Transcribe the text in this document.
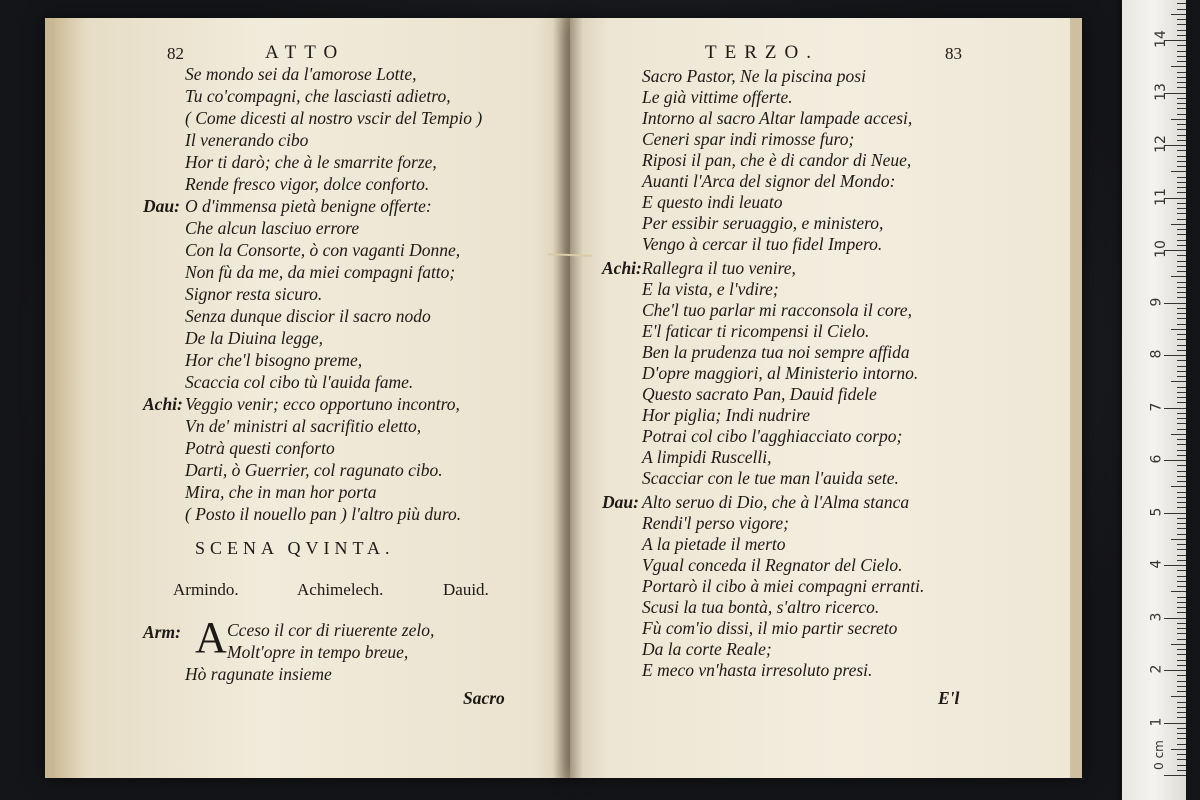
82	ATTO
Se mondo sei da l'amorose Lotte,
Tu co'compagni, che lasciasti adietro,
( Come dicesti al nostro vscir del Tempio )
Il venerando cibo
Hor ti darò; che à le smarrite forze,
Rende fresco vigor, dolce conforto.
Dau: O d'immensa pietà benigne offerte:
Che alcun lasciuo errore
Con la Consorte, ò con vaganti Donne,
Non fù da me, da miei compagni fatto;
Signor resta sicuro.
Senza dunque discior il sacro nodo
De la Diuina legge,
Hor che'l bisogno preme,
Scaccia col cibo tù l'auida fame.
Achi: Veggio venir; ecco opportuno incontro,
Vn de' ministri al sacrifitio eletto,
Potrà questi conforto
Darti, ò Guerrier, col ragunato cibo.
Mira, che in man hor porta
( Posto il nouello pan ) l'altro più duro.
SCENA QVINTA.
Armindo.	Achimelech.	Dauid.
Arm: A Cceso il cor di riuerente zelo,
Molt'opre in tempo breue,
Hò ragunate insieme
Sacro
TERZO.	83
Sacro Pastor, Ne la piscina posi
Le già vittime offerte.
Intorno al sacro Altar lampade accesi,
Ceneri spar indi rimosse furo;
Riposi il pan, che è di candor di Neue,
Auanti l'Arca del signor del Mondo:
E questo indi leuato
Per essibir seruaggio, e ministero,
Vengo à cercar il tuo fidel Impero.
Achi: Rallegra il tuo venire,
E la vista, e l'vdire;
Che'l tuo parlar mi racconsola il core,
E'l faticar ti ricompensi il Cielo.
Ben la prudenza tua noi sempre affida
D'opre maggiori, al Ministerio intorno.
Questo sacrato Pan, Dauid fidele
Hor piglia; Indi nudrire
Potrai col cibo l'agghiacciato corpo;
A limpidi Ruscelli,
Scacciar con le tue man l'auida sete.
Dau: Alto seruo di Dio, che à l'Alma stanca
Rendi'l perso vigore;
A la pietade il merto
Vgual conceda il Regnator del Cielo.
Portarò il cibo à miei compagni erranti.
Scusi la tua bontà, s'altro ricerco.
Fù com'io dissi, il mio partir secreto
Da la corte Reale;
E meco vn'hasta irresoluto presi.
E'l
0 cm
1
2
3
4
5
6
7
8
9
10
11
12
13
14
